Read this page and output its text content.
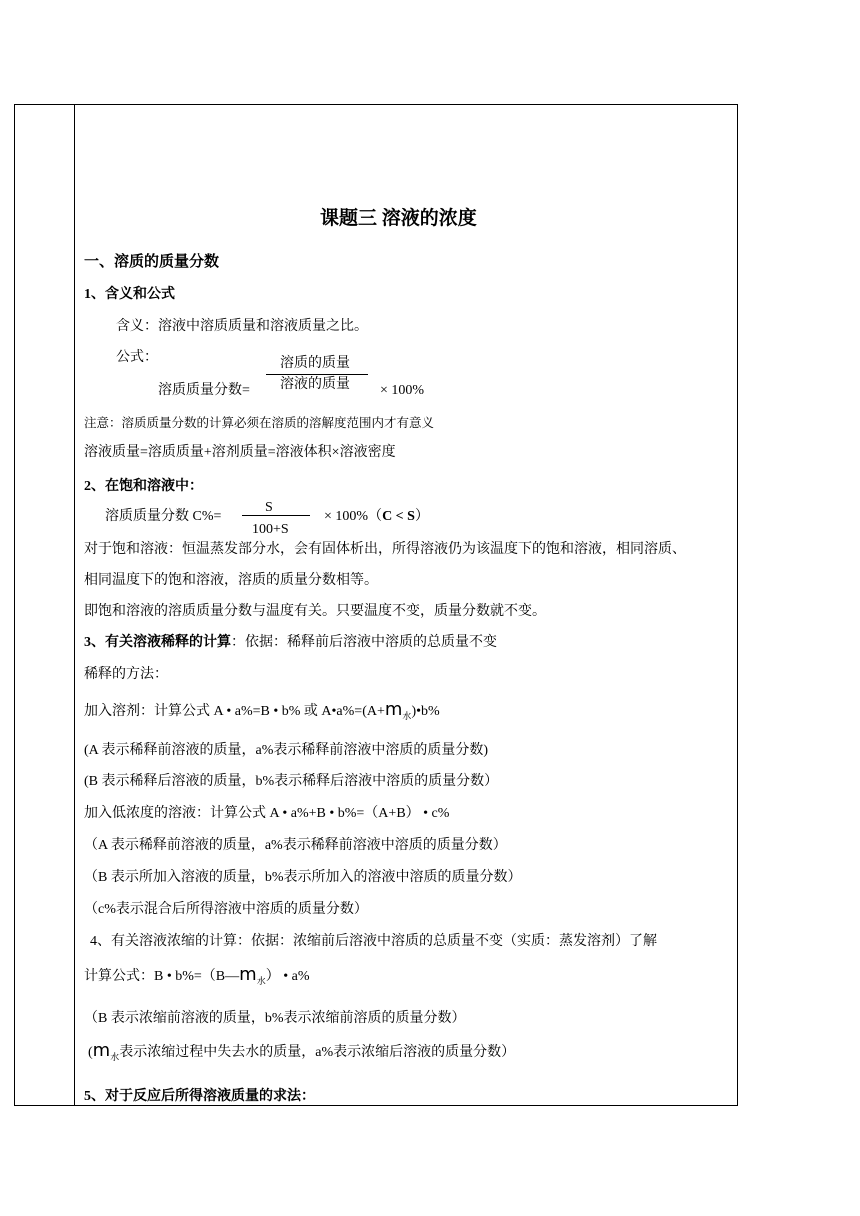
课题三 溶液的浓度
一、溶质的质量分数
1、含义和公式
含义：溶液中溶质质量和溶液质量之比。
公式：	溶质的质量
溶质质量分数= 溶液的质量 × 100%
注意：溶质质量分数的计算必须在溶质的溶解度范围内才有意义
溶液质量=溶质质量+溶剂质量=溶液体积×溶液密度
2、在饱和溶液中：
S
溶质质量分数 C%=
100+S
× 100%（C < S）
对于饱和溶液：恒温蒸发部分水，会有固体析出，所得溶液仍为该温度下的饱和溶液，相同溶质、
相同温度下的饱和溶液，溶质的质量分数相等。
即饱和溶液的溶质质量分数与温度有关。只要温度不变，质量分数就不变。
3、有关溶液稀释的计算：依据：稀释前后溶液中溶质的总质量不变
稀释的方法：
加入溶剂：计算公式 A • a%=B • b% 或 $A•a\%=(A+m_水)•b\%$
(A 表示稀释前溶液的质量，a%表示稀释前溶液中溶质的质量分数)
(B 表示稀释后溶液的质量，b%表示稀释后溶液中溶质的质量分数）
加入低浓度的溶液：计算公式 A • a%+B • b%=（A+B） • c%
（A 表示稀释前溶液的质量，a%表示稀释前溶液中溶质的质量分数）
（B 表示所加入溶液的质量，b%表示所加入的溶液中溶质的质量分数）
（c%表示混合后所得溶液中溶质的质量分数）
4、有关溶液浓缩的计算：依据：浓缩前后溶液中溶质的总质量不变（实质：蒸发溶剂）了解
计算公式：B • $b\%=(B—m_水)$ • a%
（B 表示浓缩前溶液的质量，b%表示浓缩前溶质的质量分数）
($m_水$表示浓缩过程中失去水的质量，a%表示浓缩后溶液的质量分数）
5、对于反应后所得溶液质量的求法：
